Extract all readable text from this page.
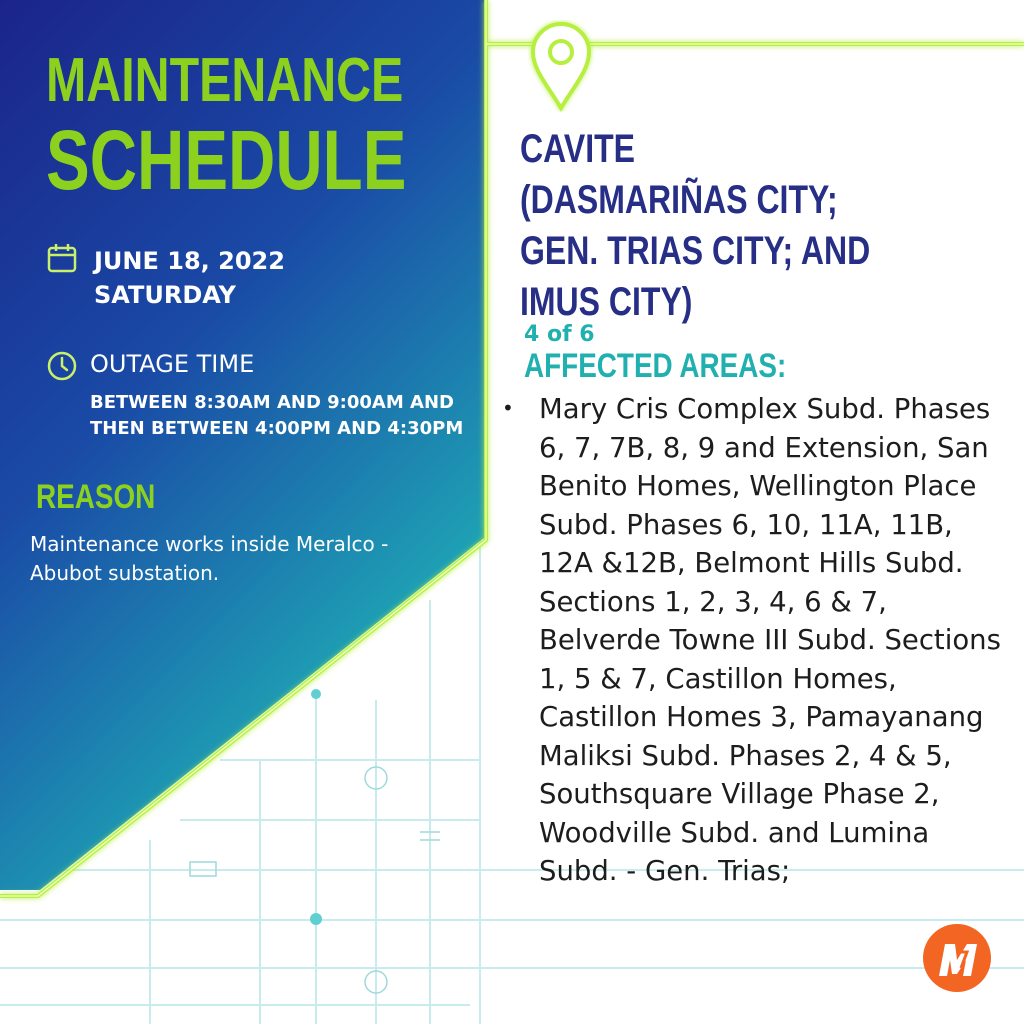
MAINTENANCE
SCHEDULE
JUNE 18, 2022
SATURDAY
OUTAGE TIME
BETWEEN 8:30AM AND 9:00AM AND THEN BETWEEN 4:00PM AND 4:30PM
REASON
Maintenance works inside Meralco - Abubot substation.
CAVITE
(DASMARIÑAS CITY;
GEN. TRIAS CITY; AND
IMUS CITY)
4 of 6
AFFECTED AREAS:
• Mary Cris Complex Subd. Phases 6, 7, 7B, 8, 9 and Extension, San Benito Homes, Wellington Place Subd. Phases 6, 10, 11A, 11B, 12A &12B, Belmont Hills Subd. Sections 1, 2, 3, 4, 6 & 7, Belverde Towne III Subd. Sections 1, 5 & 7, Castillon Homes, Castillon Homes 3, Pamayanang Maliksi Subd. Phases 2, 4 & 5, Southsquare Village Phase 2, Woodville Subd. and Lumina Subd. - Gen. Trias;
